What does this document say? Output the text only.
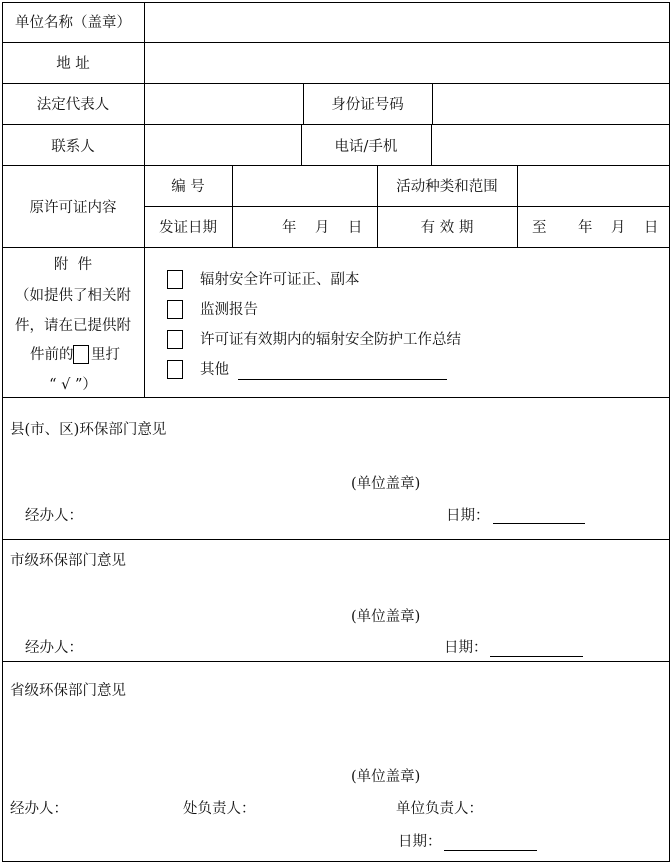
单位名称（盖章）
地 址
法定代表人	身份证号码
联系人	电话/手机
原许可证内容
编 号	活动种类和范围
发证日期	年    月    日	有 效 期	至 年    月    日
附  件
（如提供了相关附
件，请在已提供附
件前的 里打
“ √ ”）
辐射安全许可证正、副本
监测报告
许可证有效期内的辐射安全防护工作总结
其他
县(市、区)环保部门意见
(单位盖章)
经办人：	日期：
市级环保部门意见
(单位盖章)
经办人：	日期：
省级环保部门意见
(单位盖章)
经办人：	处负责人：	单位负责人：
日期：
